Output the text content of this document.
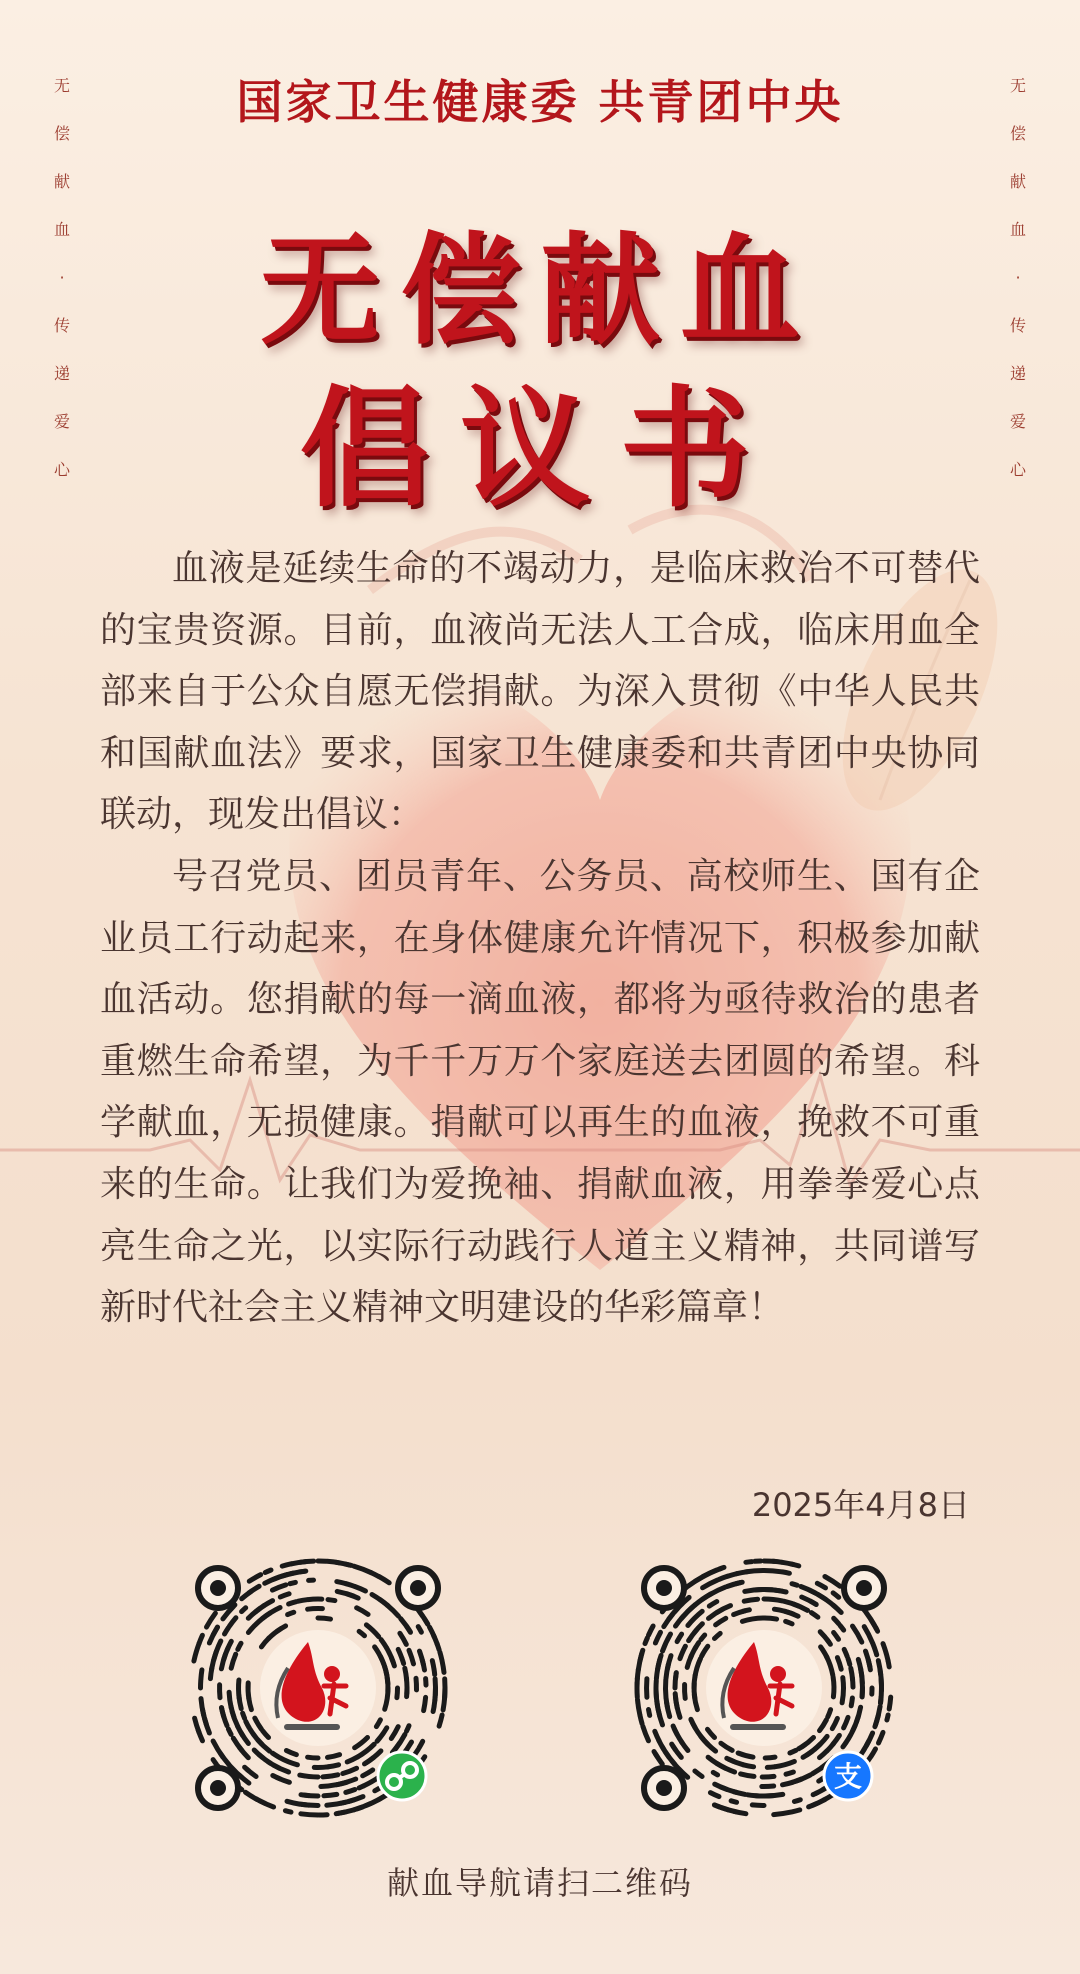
无
偿
献
血
·
传
递
爱
心
无
偿
献
血
·
传
递
爱
心
国家卫生健康委 共青团中央
无偿献血
倡议书

血液是延续生命的不竭动力，是临床救治不可替代的宝贵资源。目前，血液尚无法人工合成，临床用血全部来自于公众自愿无偿捐献。为深入贯彻《中华人民共和国献血法》要求，国家卫生健康委和共青团中央协同联动，现发出倡议：

号召党员、团员青年、公务员、高校师生、国有企业员工行动起来，在身体健康允许情况下，积极参加献血活动。您捐献的每一滴血液，都将为亟待救治的患者重燃生命希望，为千千万万个家庭送去团圆的希望。科学献血，无损健康。捐献可以再生的血液，挽救不可重来的生命。让我们为爱挽袖、捐献血液，用拳拳爱心点亮生命之光，以实际行动践行人道主义精神，共同谱写新时代社会主义精神文明建设的华彩篇章！

2025年4月8日
支
献血导航请扫二维码
